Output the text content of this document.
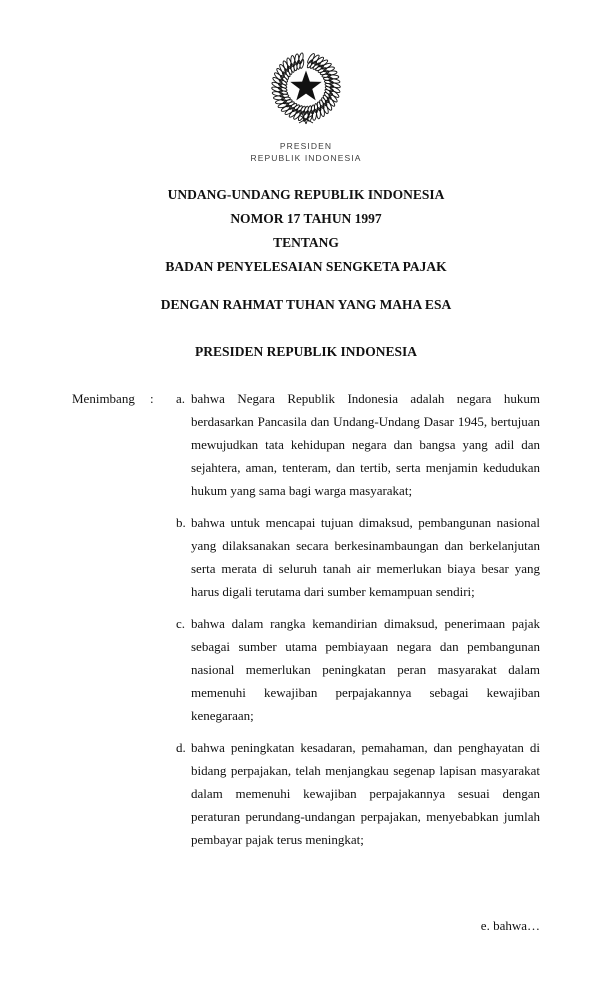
PRESIDEN
REPUBLIK INDONESIA
UNDANG-UNDANG REPUBLIK INDONESIA
NOMOR 17 TAHUN 1997
TENTANG
BADAN PENYELESAIAN SENGKETA PAJAK
DENGAN RAHMAT TUHAN YANG MAHA ESA
PRESIDEN REPUBLIK INDONESIA
Menimbang	:	a. bahwa Negara Republik Indonesia adalah negara hukum berdasarkan Pancasila dan Undang-Undang Dasar 1945, bertujuan mewujudkan tata kehidupan negara dan bangsa yang adil dan sejahtera, aman, tenteram, dan tertib, serta menjamin kedudukan hukum yang sama bagi warga masyarakat;
b. bahwa untuk mencapai tujuan dimaksud, pembangunan nasional yang dilaksanakan secara berkesinambaungan dan berkelanjutan serta merata di seluruh tanah air memerlukan biaya besar yang harus digali terutama dari sumber kemampuan sendiri;
c. bahwa dalam rangka kemandirian dimaksud, penerimaan pajak sebagai sumber utama pembiayaan negara dan pembangunan nasional memerlukan peningkatan peran masyarakat dalam memenuhi kewajiban perpajakannya sebagai kewajiban kenegaraan;
d. bahwa peningkatan kesadaran, pemahaman, dan penghayatan di bidang perpajakan, telah menjangkau segenap lapisan masyarakat dalam memenuhi kewajiban perpajakannya sesuai dengan peraturan perundang-undangan perpajakan, menyebabkan jumlah pembayar pajak terus meningkat;
e. bahwa…
